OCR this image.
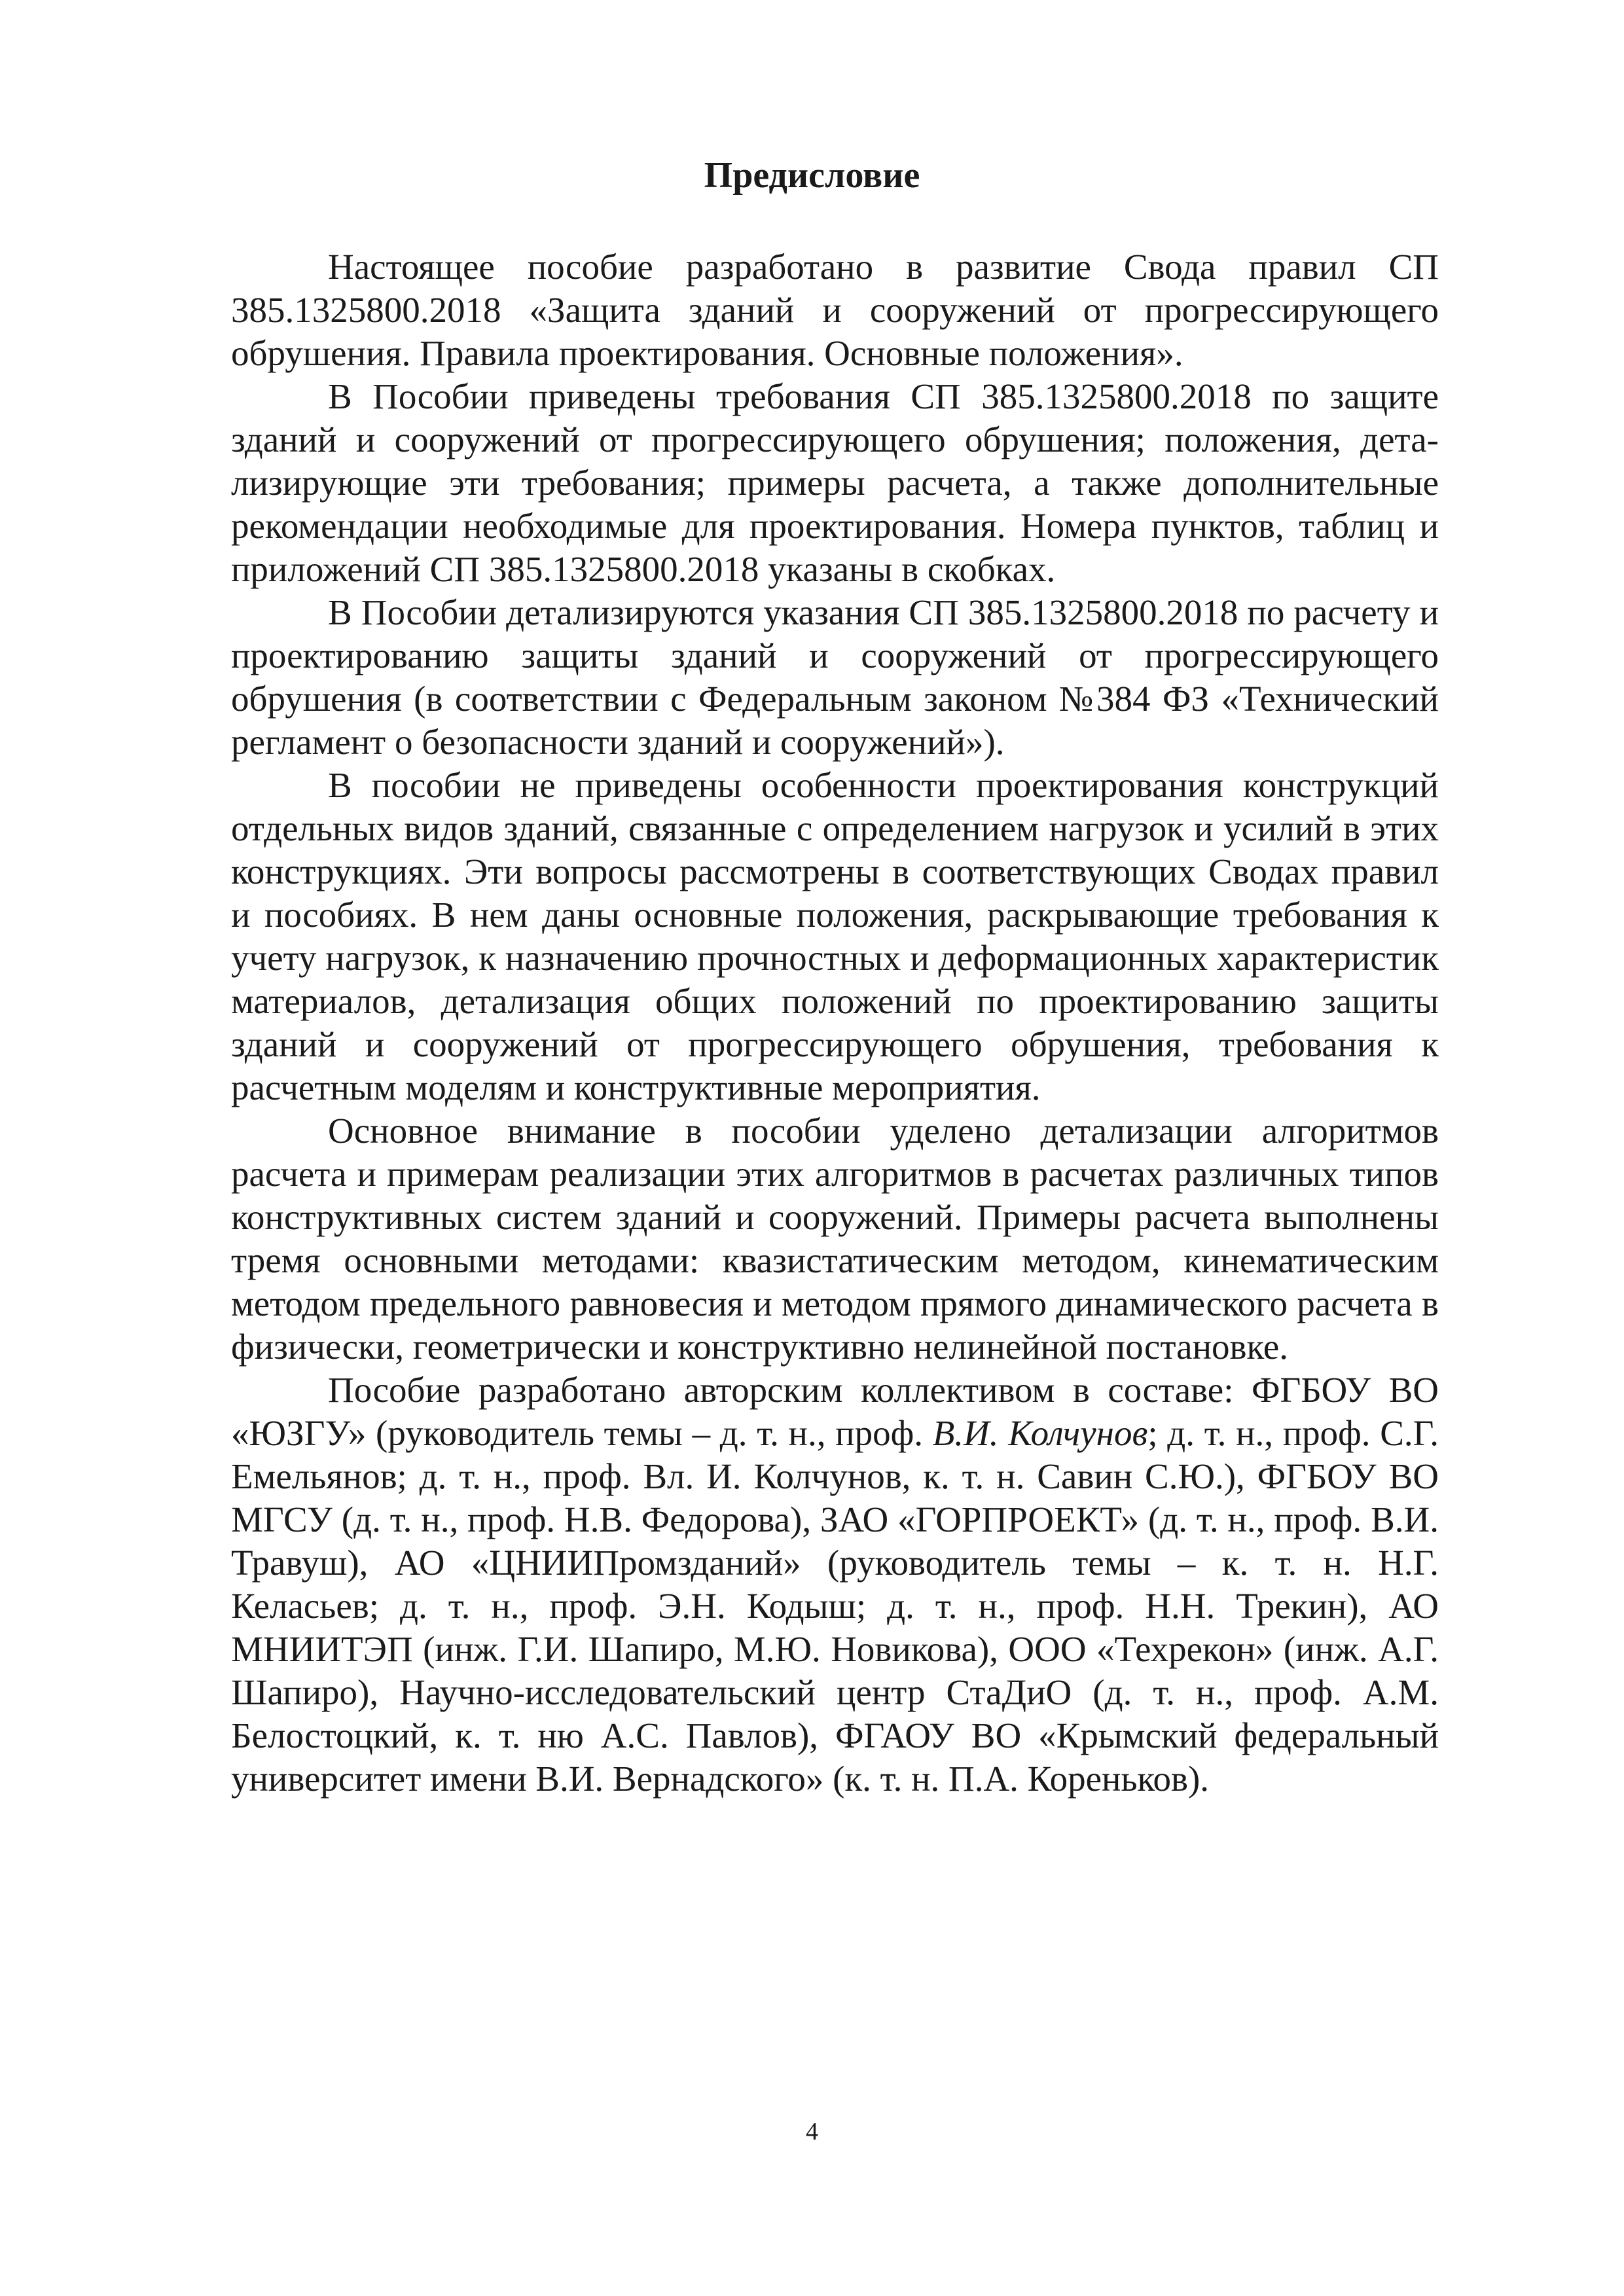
Предисловие

Настоящее пособие разработано в развитие Свода правил СП 385.1325800.2018 «Защита зданий и сооружений от прогрессирующего обрушения. Правила проектирования. Основные положения».

В Пособии приведены требования СП 385.1325800.2018 по защите зданий и сооружений от прогрессирующего обрушения; положения, детализирующие эти требования; примеры расчета, а также дополнительные рекомендации необходимые для проектирования. Номера пунктов, таблиц и приложений СП 385.1325800.2018 указаны в скобках.

В Пособии детализируются указания СП 385.1325800.2018 по расчету и проектированию защиты зданий и сооружений от прогрессирующего обрушения (в соответствии с Федеральным законом №384 ФЗ «Технический регламент о безопасности зданий и сооружений»).

В пособии не приведены особенности проектирования конструкций отдельных видов зданий, связанные с определением нагрузок и усилий в этих конструкциях. Эти вопросы рассмотрены в соответствующих Сводах правил и пособиях. В нем даны основные положения, раскрывающие требования к учету нагрузок, к назначению прочностных и деформационных характеристик материалов, детализация общих положений по проектированию защиты зданий и сооружений от прогрессирующего обрушения, требования к расчетным моделям и конструктивные мероприятия.

Основное внимание в пособии уделено детализации алгоритмов расчета и примерам реализации этих алгоритмов в расчетах различных типов конструктивных систем зданий и сооружений. Примеры расчета выполнены тремя основными методами: квазистатическим методом, кинематическим методом предельного равновесия и методом прямого динамического расчета в физически, геометрически и конструктивно нелинейной постановке.

Пособие разработано авторским коллективом в составе: ФГБОУ ВО «ЮЗГУ» (руководитель темы – д. т. н., проф. В.И. Колчунов; д. т. н., проф. С.Г. Емельянов; д. т. н., проф. Вл. И. Колчунов, к. т. н. Савин С.Ю.), ФГБОУ ВО МГСУ (д. т. н., проф. Н.В. Федорова), ЗАО «ГОРПРОЕКТ» (д. т. н., проф. В.И. Травуш), АО «ЦНИИПромзданий» (руководитель темы – к. т. н. Н.Г. Келасьев; д. т. н., проф. Э.Н. Кодыш; д. т. н., проф. Н.Н. Трекин), АО МНИИТЭП (инж. Г.И. Шапиро, М.Ю. Новикова), ООО «Техрекон» (инж. А.Г. Шапиро), Научно-исследовательский центр СтаДиО (д. т. н., проф. А.М. Белостоцкий, к. т. ню А.С. Павлов), ФГАОУ ВО «Крымский федеральный университет имени В.И. Вернадского» (к. т. н. П.А. Кореньков).

4
